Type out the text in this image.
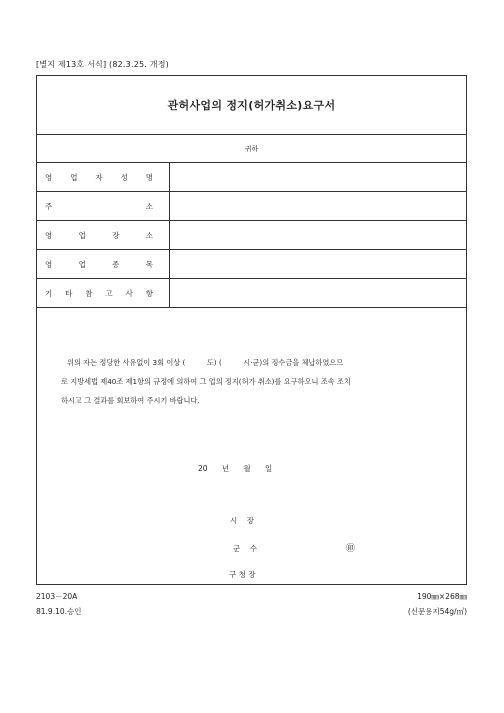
[별지 제13호 서식] (82.3.25. 개정)
관허사업의 정지(허가취소)요구서
귀하
영 업 자 성 명
주	소
영	업	장	소
영	업	종	목
기 타 참 고 사 항

위의 자는 정당한 사유없이 3회 이상 (　　　도) (　　　시·군)의 징수금을 체납하였으므

로 지방세법 제40조 제1항의 규정에 의하여 그 업의 정지(허가 취소)를 요구하오니 조속 조치

하시고 그 결과를 회보하여 주시기 바랍니다.

20      년      월      일
시    장
군    수	㊞
구 청 장
2103－20A
81.9.10.승인
190㎜×268㎜
(신문용지54g/㎡)
